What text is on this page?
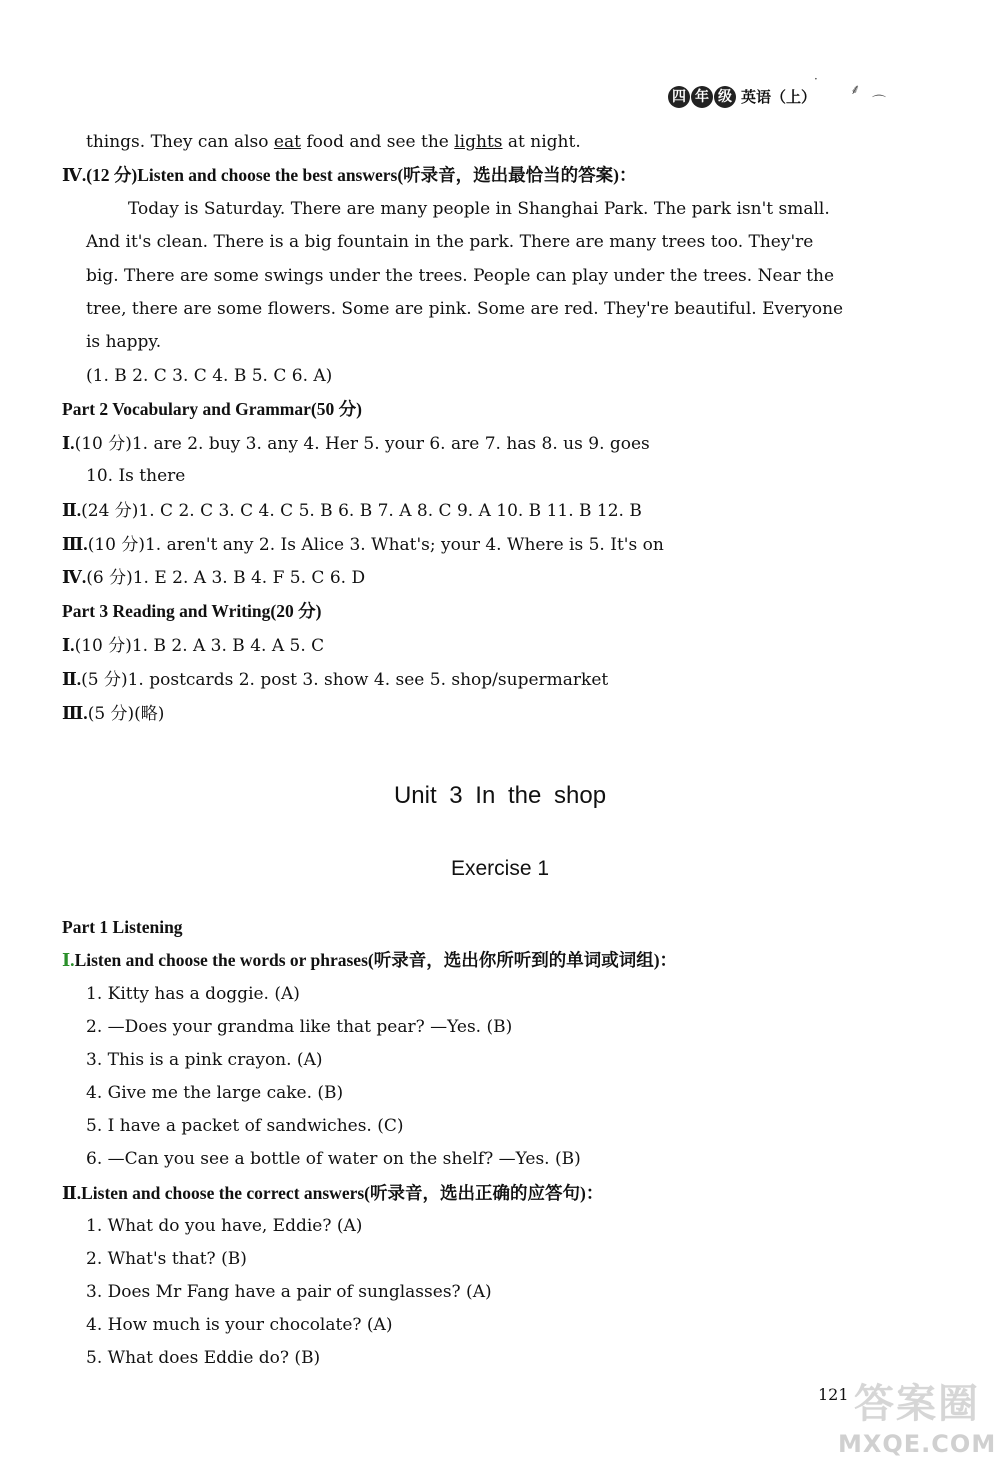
四 年 级 英语（上）
·
⸙
⌒
things. They can also eat food and see the lights at night.
Ⅳ.(12 分)Listen and choose the best answers(听录音，选出最恰当的答案)：
Today is Saturday. There are many people in Shanghai Park. The park isn't small.
And it's clean. There is a big fountain in the park. There are many trees too. They're
big. There are some swings under the trees. People can play under the trees. Near the
tree, there are some flowers. Some are pink. Some are red. They're beautiful. Everyone
is happy.
(1. B 2. C 3. C 4. B 5. C 6. A)
Part 2 Vocabulary and Grammar(50 分)
Ⅰ.(10 分)1. are 2. buy 3. any 4. Her 5. your 6. are 7. has 8. us 9. goes
10. Is there
Ⅱ.(24 分)1. C 2. C 3. C 4. C 5. B 6. B 7. A 8. C 9. A 10. B 11. B 12. B
Ⅲ.(10 分)1. aren't any 2. Is Alice 3. What's; your 4. Where is 5. It's on
Ⅳ.(6 分)1. E 2. A 3. B 4. F 5. C 6. D
Part 3 Reading and Writing(20 分)
Ⅰ.(10 分)1. B 2. A 3. B 4. A 5. C
Ⅱ.(5 分)1. postcards 2. post 3. show 4. see 5. shop/supermarket
Ⅲ.(5 分)(略)
Unit 3 In the shop
Exercise 1
Part 1 Listening
Ⅰ.Listen and choose the words or phrases(听录音，选出你所听到的单词或词组)：
1. Kitty has a doggie. (A)
2. —Does your grandma like that pear? —Yes. (B)
3. This is a pink crayon. (A)
4. Give me the large cake. (B)
5. I have a packet of sandwiches. (C)
6. —Can you see a bottle of water on the shelf? —Yes. (B)
Ⅱ.Listen and choose the correct answers(听录音，选出正确的应答句)：
1. What do you have, Eddie? (A)
2. What's that? (B)
3. Does Mr Fang have a pair of sunglasses? (A)
4. How much is your chocolate? (A)
5. What does Eddie do? (B)
121 答案圈
MXQE.COM
